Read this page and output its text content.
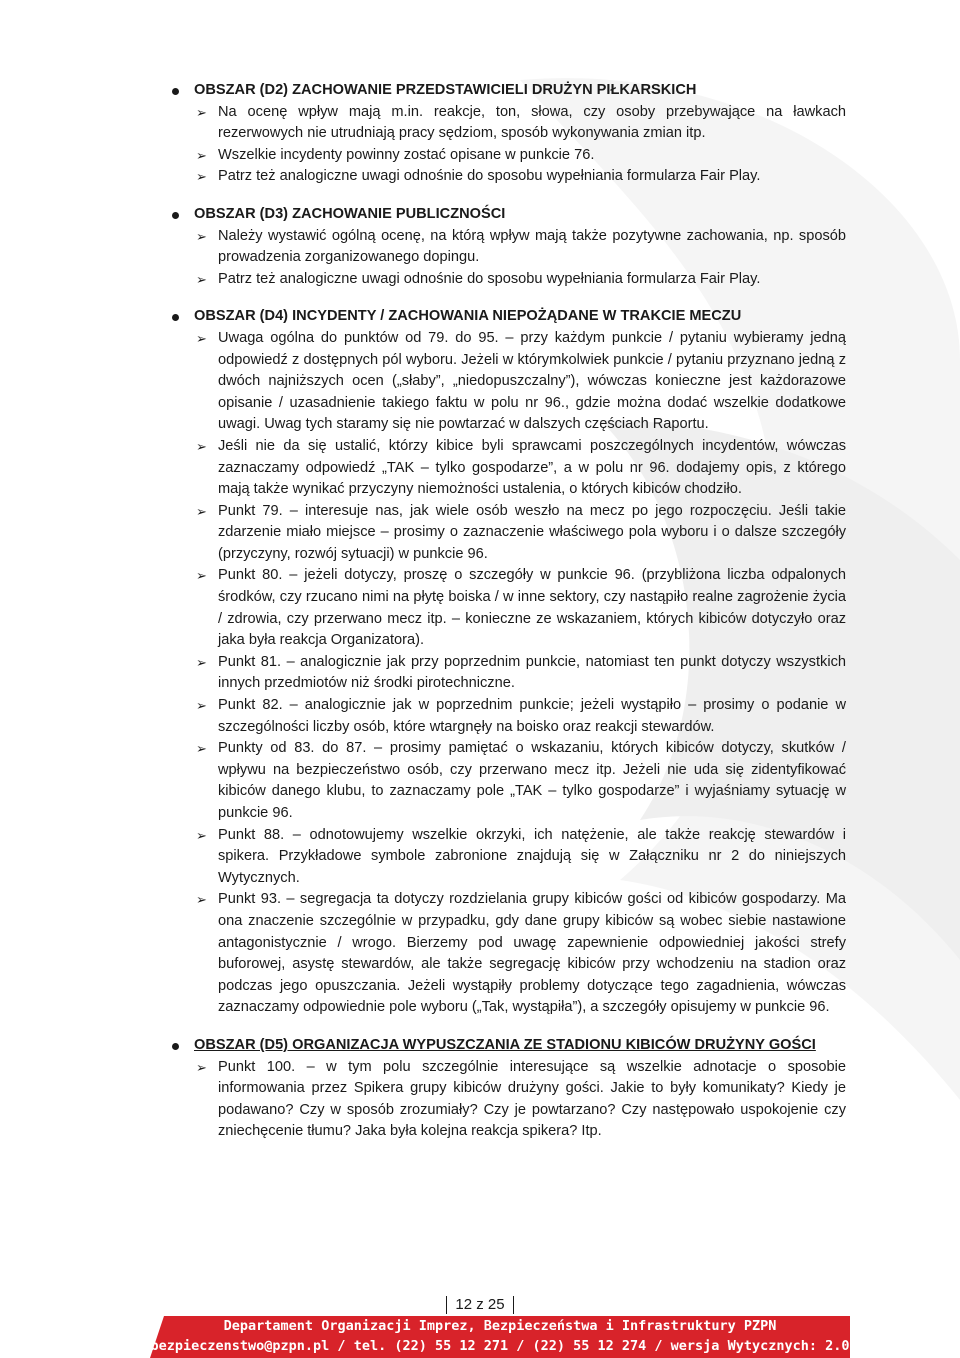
OBSZAR (D2) ZACHOWANIE PRZEDSTAWICIELI DRUŻYN PIŁKARSKICH
➢ Na ocenę wpływ mają m.in. reakcje, ton, słowa, czy osoby przebywające na ławkach rezerwowych nie utrudniają pracy sędziom, sposób wykonywania zmian itp.
➢ Wszelkie incydenty powinny zostać opisane w punkcie 76.
➢ Patrz też analogiczne uwagi odnośnie do sposobu wypełniania formularza Fair Play.
OBSZAR (D3) ZACHOWANIE PUBLICZNOŚCI
➢ Należy wystawić ogólną ocenę, na którą wpływ mają także pozytywne zachowania, np. sposób prowadzenia zorganizowanego dopingu.
➢ Patrz też analogiczne uwagi odnośnie do sposobu wypełniania formularza Fair Play.
OBSZAR (D4) INCYDENTY / ZACHOWANIA NIEPOŻĄDANE W TRAKCIE MECZU
➢ Uwaga ogólna do punktów od 79. do 95. – przy każdym punkcie / pytaniu wybieramy jedną odpowiedź z dostępnych pól wyboru. Jeżeli w którymkolwiek punkcie / pytaniu przyznano jedną z dwóch najniższych ocen („słaby”, „niedopuszczalny”), wówczas konieczne jest każdorazowe opisanie / uzasadnienie takiego faktu w polu nr 96., gdzie można dodać wszelkie dodatkowe uwagi. Uwag tych staramy się nie powtarzać w dalszych częściach Raportu.
➢ Jeśli nie da się ustalić, którzy kibice byli sprawcami poszczególnych incydentów, wówczas zaznaczamy odpowiedź „TAK – tylko gospodarze”, a w polu nr 96. dodajemy opis, z którego mają także wynikać przyczyny niemożności ustalenia, o których kibiców chodziło.
➢ Punkt 79. – interesuje nas, jak wiele osób weszło na mecz po jego rozpoczęciu. Jeśli takie zdarzenie miało miejsce – prosimy o zaznaczenie właściwego pola wyboru i o dalsze szczegóły (przyczyny, rozwój sytuacji) w punkcie 96.
➢ Punkt 80. – jeżeli dotyczy, proszę o szczegóły w punkcie 96. (przybliżona liczba odpalonych środków, czy rzucano nimi na płytę boiska / w inne sektory, czy nastąpiło realne zagrożenie życia / zdrowia, czy przerwano mecz itp. – konieczne ze wskazaniem, których kibiców dotyczyło oraz jaka była reakcja Organizatora).
➢ Punkt 81. – analogicznie jak przy poprzednim punkcie, natomiast ten punkt dotyczy wszystkich innych przedmiotów niż środki pirotechniczne.
➢ Punkt 82. – analogicznie jak w poprzednim punkcie; jeżeli wystąpiło – prosimy o podanie w szczególności liczby osób, które wtargnęły na boisko oraz reakcji stewardów.
➢ Punkty od 83. do 87. – prosimy pamiętać o wskazaniu, których kibiców dotyczy, skutków / wpływu na bezpieczeństwo osób, czy przerwano mecz itp. Jeżeli nie uda się zidentyfikować kibiców danego klubu, to zaznaczamy pole „TAK – tylko gospodarze” i wyjaśniamy sytuację w punkcie 96.
➢ Punkt 88. – odnotowujemy wszelkie okrzyki, ich natężenie, ale także reakcję stewardów i spikera. Przykładowe symbole zabronione znajdują się w Załączniku nr 2 do niniejszych Wytycznych.
➢ Punkt 93. – segregacja ta dotyczy rozdzielania grupy kibiców gości od kibiców gospodarzy. Ma ona znaczenie szczególnie w przypadku, gdy dane grupy kibiców są wobec siebie nastawione antagonistycznie / wrogo. Bierzemy pod uwagę zapewnienie odpowiedniej jakości strefy buforowej, asystę stewardów, ale także segregację kibiców przy wchodzeniu na stadion oraz podczas jego opuszczania. Jeżeli wystąpiły problemy dotyczące tego zagadnienia, wówczas zaznaczamy odpowiednie pole wyboru („Tak, wystąpiła”), a szczegóły opisujemy w punkcie 96.
OBSZAR (D5) ORGANIZACJA WYPUSZCZANIA ZE STADIONU KIBICÓW DRUŻYNY GOŚCI
➢ Punkt 100. – w tym polu szczególnie interesujące są wszelkie adnotacje o sposobie informowania przez Spikera grupy kibiców drużyny gości. Jakie to były komunikaty? Kiedy je podawano? Czy w sposób zrozumiały? Czy je powtarzano? Czy następowało uspokojenie czy zniechęcenie tłumu? Jaka była kolejna reakcja spikera? Itp.
12 z 25
Departament Organizacji Imprez, Bezpieczeństwa i Infrastruktury PZPN
bezpieczenstwo@pzpn.pl / tel. (22) 55 12 271 / (22) 55 12 274 / wersja Wytycznych: 2.0
